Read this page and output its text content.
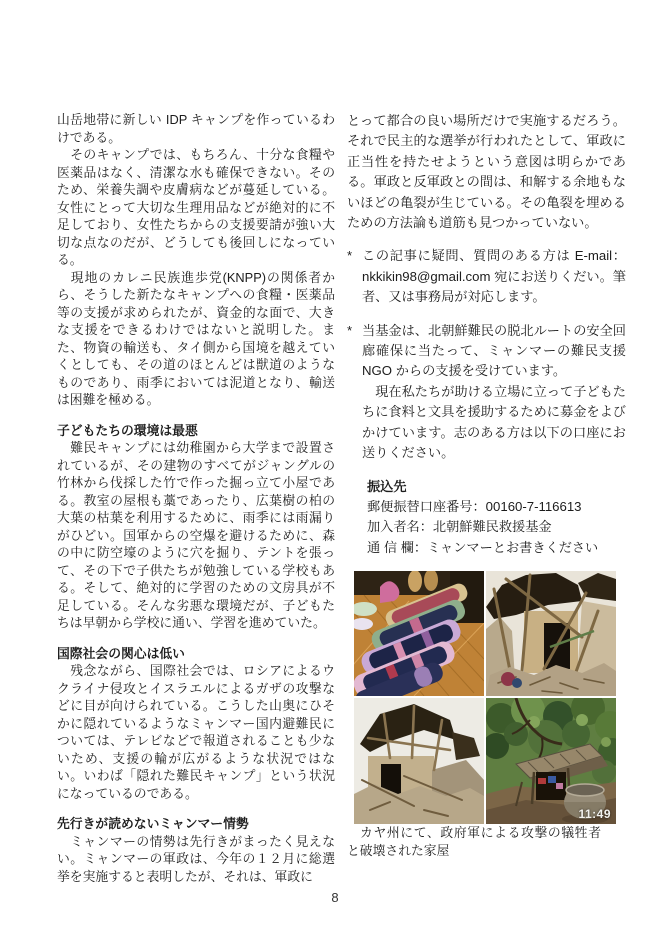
山岳地帯に新しい IDP キャンプを作っているわけである。

　そのキャンプでは、もちろん、十分な食糧や医薬品はなく、清潔な水も確保できない。そのため、栄養失調や皮膚病などが蔓延している。女性にとって大切な生理用品などが絶対的に不足しており、女性たちからの支援要請が強い大切な点なのだが、どうしても後回しになっている。

　現地のカレニ民族進歩党(KNPP)の関係者から、そうした新たなキャンプへの食糧・医薬品等の支援が求められたが、資金的な面で、大きな支援をできるわけではないと説明した。また、物資の輸送も、タイ側から国境を越えていくとしても、その道のほとんどは獣道のようなものであり、雨季においては泥道となり、輸送は困難を極める。

子どもたちの環境は最悪

　難民キャンプには幼稚園から大学まで設置されているが、その建物のすべてがジャングルの竹林から伐採した竹で作った掘っ立て小屋である。教室の屋根も藁であったり、広葉樹の柏の大葉の枯葉を利用するために、雨季には雨漏りがひどい。国軍からの空爆を避けるために、森の中に防空壕のように穴を掘り、テントを張って、その下で子供たちが勉強している学校もある。そして、絶対的に学習のための文房具が不足している。そんな劣悪な環境だが、子どもたちは早朝から学校に通い、学習を進めていた。

国際社会の関心は低い

　残念ながら、国際社会では、ロシアによるウクライナ侵攻とイスラエルによるガザの攻撃などに目が向けられている。こうした山奥にひそかに隠れているようなミャンマー国内避難民については、テレビなどで報道されることも少ないため、支援の輪が広がるような状況ではない。いわば「隠れた難民キャンプ」という状況になっているのである。

先行きが読めないミャンマー情勢

　ミャンマーの情勢は先行きがまったく見えない。ミャンマーの軍政は、今年の１２月に総選挙を実施すると表明したが、それは、軍政に

とって都合の良い場所だけで実施するだろう。それで民主的な選挙が行われたとして、軍政に正当性を持たせようという意図は明らかである。軍政と反軍政との間は、和解する余地もないほどの亀裂が生じている。その亀裂を埋めるための方法論も道筋も見つかっていない。

* この記事に疑問、質問のある方は E-mail：nkkikin98@gmail.com 宛にお送りくだい。筆者、又は事務局が対応します。

* 当基金は、北朝鮮難民の脱北ルートの安全回廊確保に当たって、ミャンマーの難民支援NGO からの支援を受けています。

　現在私たちが助ける立場に立って子どもたちに食料と文具を援助するために募金をよびかけています。志のある方は以下の口座にお送りください。

振込先

郵便振替口座番号：00160-7-116613

加入者名：北朝鮮難民救援基金

通 信 欄：ミャンマーとお書きください

11:49

カヤ州にて、政府軍による攻撃の犠牲者と破壊された家屋

8
